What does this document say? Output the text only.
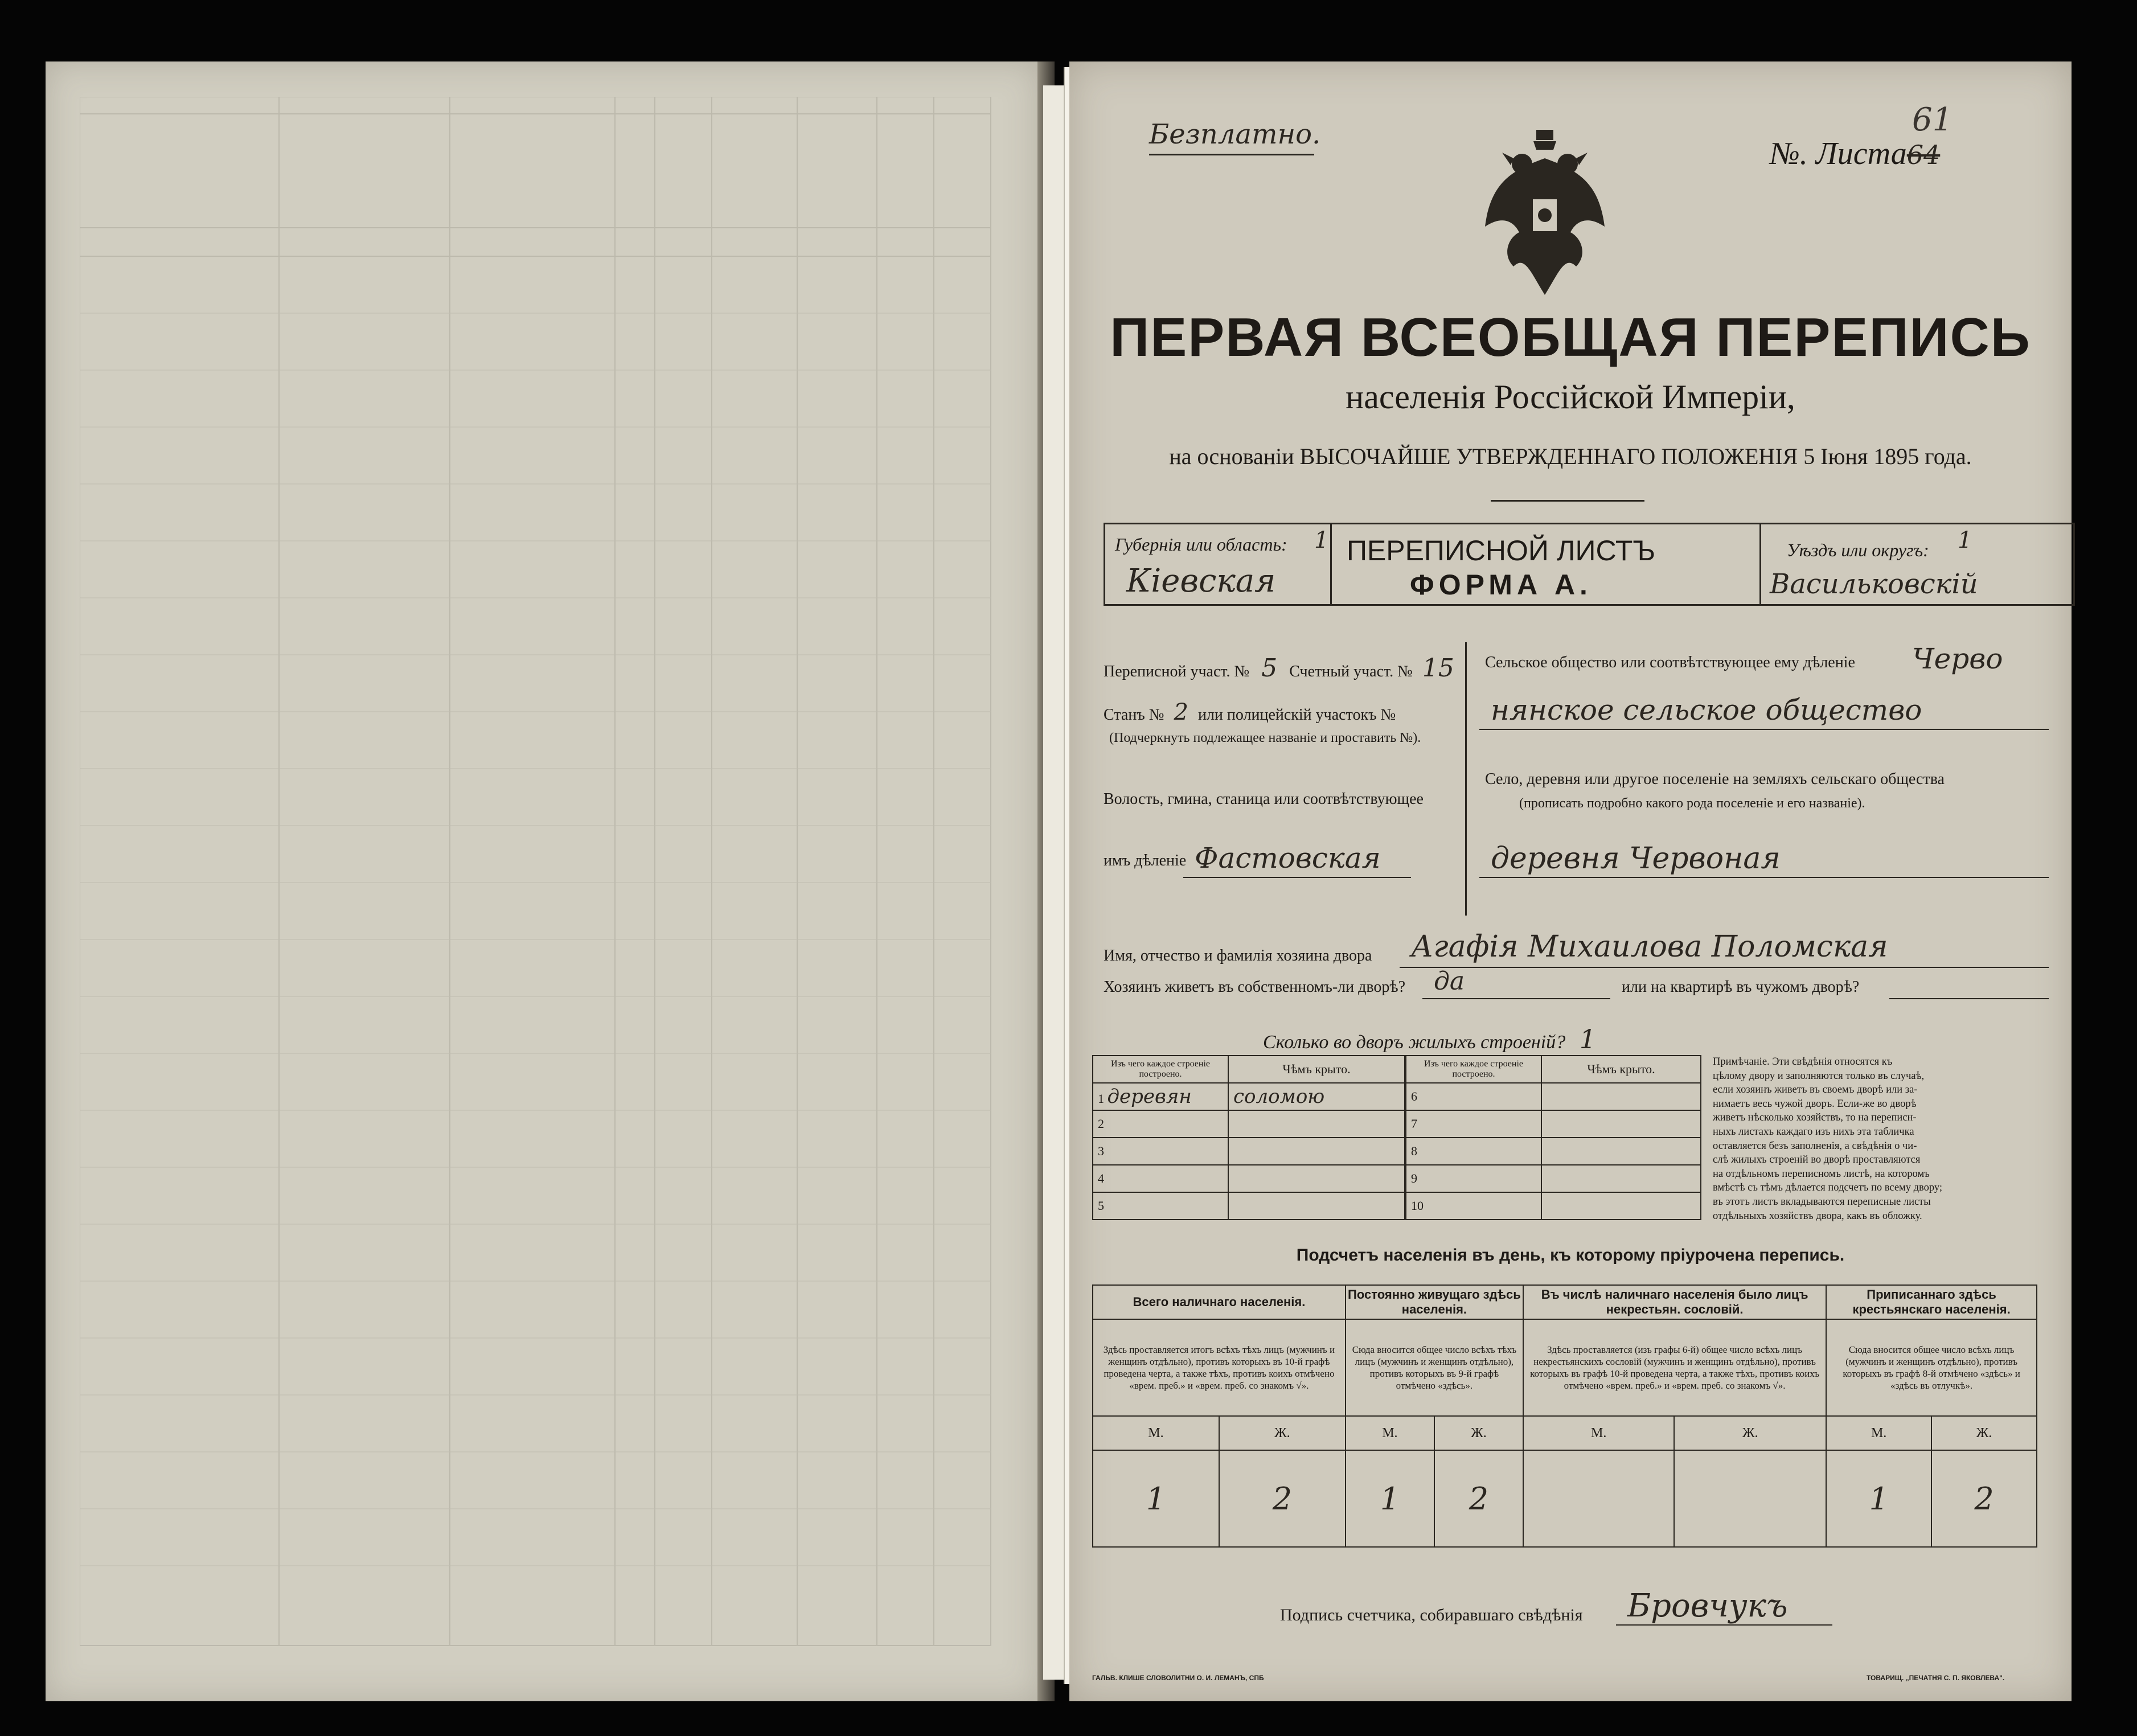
Безплатно.
№. Листа64
61
ПЕРВАЯ ВСЕОБЩАЯ ПЕРЕПИСЬ
населенія Россійской Имперіи,
на основаніи ВЫСОЧАЙШЕ УТВЕРЖДЕННАГО ПОЛОЖЕНІЯ 5 Іюня 1895 года.
Губернія или область: 1
Кіевская
ПЕРЕПИСНОЙ ЛИСТЪ
ФОРМА А.
Уѣздъ или округъ: 1
Васильковскій
Переписной участ. № 5 Счетный участ. № 15
Станъ № 2 или полицейскій участокъ №
(Подчеркнуть подлежащее названіе и проставить №).
Волость, гмина, станица или соотвѣтствующее
имъ дѣленіе Фастовская
Сельское общество или соотвѣтствующее ему дѣленіе Черво
нянское сельское общество
Село, деревня или другое поселеніе на земляхъ сельскаго общества
(прописать подробно какого рода поселеніе и его названіе).
деревня Червоная
Имя, отчество и фамилія хозяина двора Агафія Михаилова Поломская
Хозяинъ живетъ въ собственномъ-ли дворѣ? да	или на квартирѣ въ чужомъ дворѣ?
Сколько во дворъ жилыхъ строеній? 1
Изъ чего каждое строеніе построено.	Чѣмъ крыто.
1 деревян	соломою
2	
3	
4	
5	
Изъ чего каждое строеніе построено.	Чѣмъ крыто.
6	
7	
8	
9	
10	
Примѣчаніе. Эти свѣдѣнія относятся къ
цѣлому двору и заполняются только въ случаѣ,
если хозяинъ живетъ въ своемъ дворѣ или за-
нимаетъ весь чужой дворъ. Если-же во дворѣ
живетъ нѣсколько хозяйствъ, то на переписн-
ныхъ листахъ каждаго изъ нихъ эта табличка
оставляется безъ заполненія, а свѣдѣнія о чи-
слѣ жилыхъ строеній во дворѣ проставляются
на отдѣльномъ переписномъ листѣ, на которомъ
вмѣстѣ съ тѣмъ дѣлается подсчетъ по всему двору;
въ этотъ листъ вкладываются переписные листы
отдѣльныхъ хозяйствъ двора, какъ въ обложку.
Подсчетъ населенія въ день, къ которому пріурочена перепись.
Всего наличнаго населенія.		Постоянно живущаго здѣсь населенія.		Въ числѣ наличнаго населенія было лицъ некрестьян. сословій.		Приписаннаго здѣсь крестьянскаго населенія.	
Здѣсь проставляется итогъ всѣхъ тѣхъ лицъ (мужчинъ и женщинъ отдѣльно), противъ которыхъ въ 10-й графѣ проведена черта, а также тѣхъ, противъ коихъ отмѣчено «врем. преб.» и «врем. преб. со знакомъ √».		Сюда вносится общее число всѣхъ тѣхъ лицъ (мужчинъ и женщинъ отдѣльно), противъ которыхъ въ 9-й графѣ отмѣчено «здѣсь».		Здѣсь проставляется (изъ графы 6-й) общее число всѣхъ лицъ некрестьянскихъ сословій (мужчинъ и женщинъ отдѣльно), противъ которыхъ въ графѣ 10-й проведена черта, а также тѣхъ, противъ коихъ отмѣчено «врем. преб.» и «врем. преб. со знакомъ √».		Сюда вносится общее число всѣхъ лицъ (мужчинъ и женщинъ отдѣльно), противъ которыхъ въ графѣ 8-й отмѣчено «здѣсь» и «здѣсь въ отлучкѣ».	
М.	Ж.	М.	Ж.	М.	Ж.	М.	Ж.
1	2	1	2			1	2
Подпись счетчика, собиравшаго свѣдѣнія Бровчукъ
ГАЛЬВ. КЛИШЕ СЛОВОЛИТНИ О. И. ЛЕМАНЪ, СПБ	ТОВАРИЩ. „ПЕЧАТНЯ С. П. ЯКОВЛЕВА".
